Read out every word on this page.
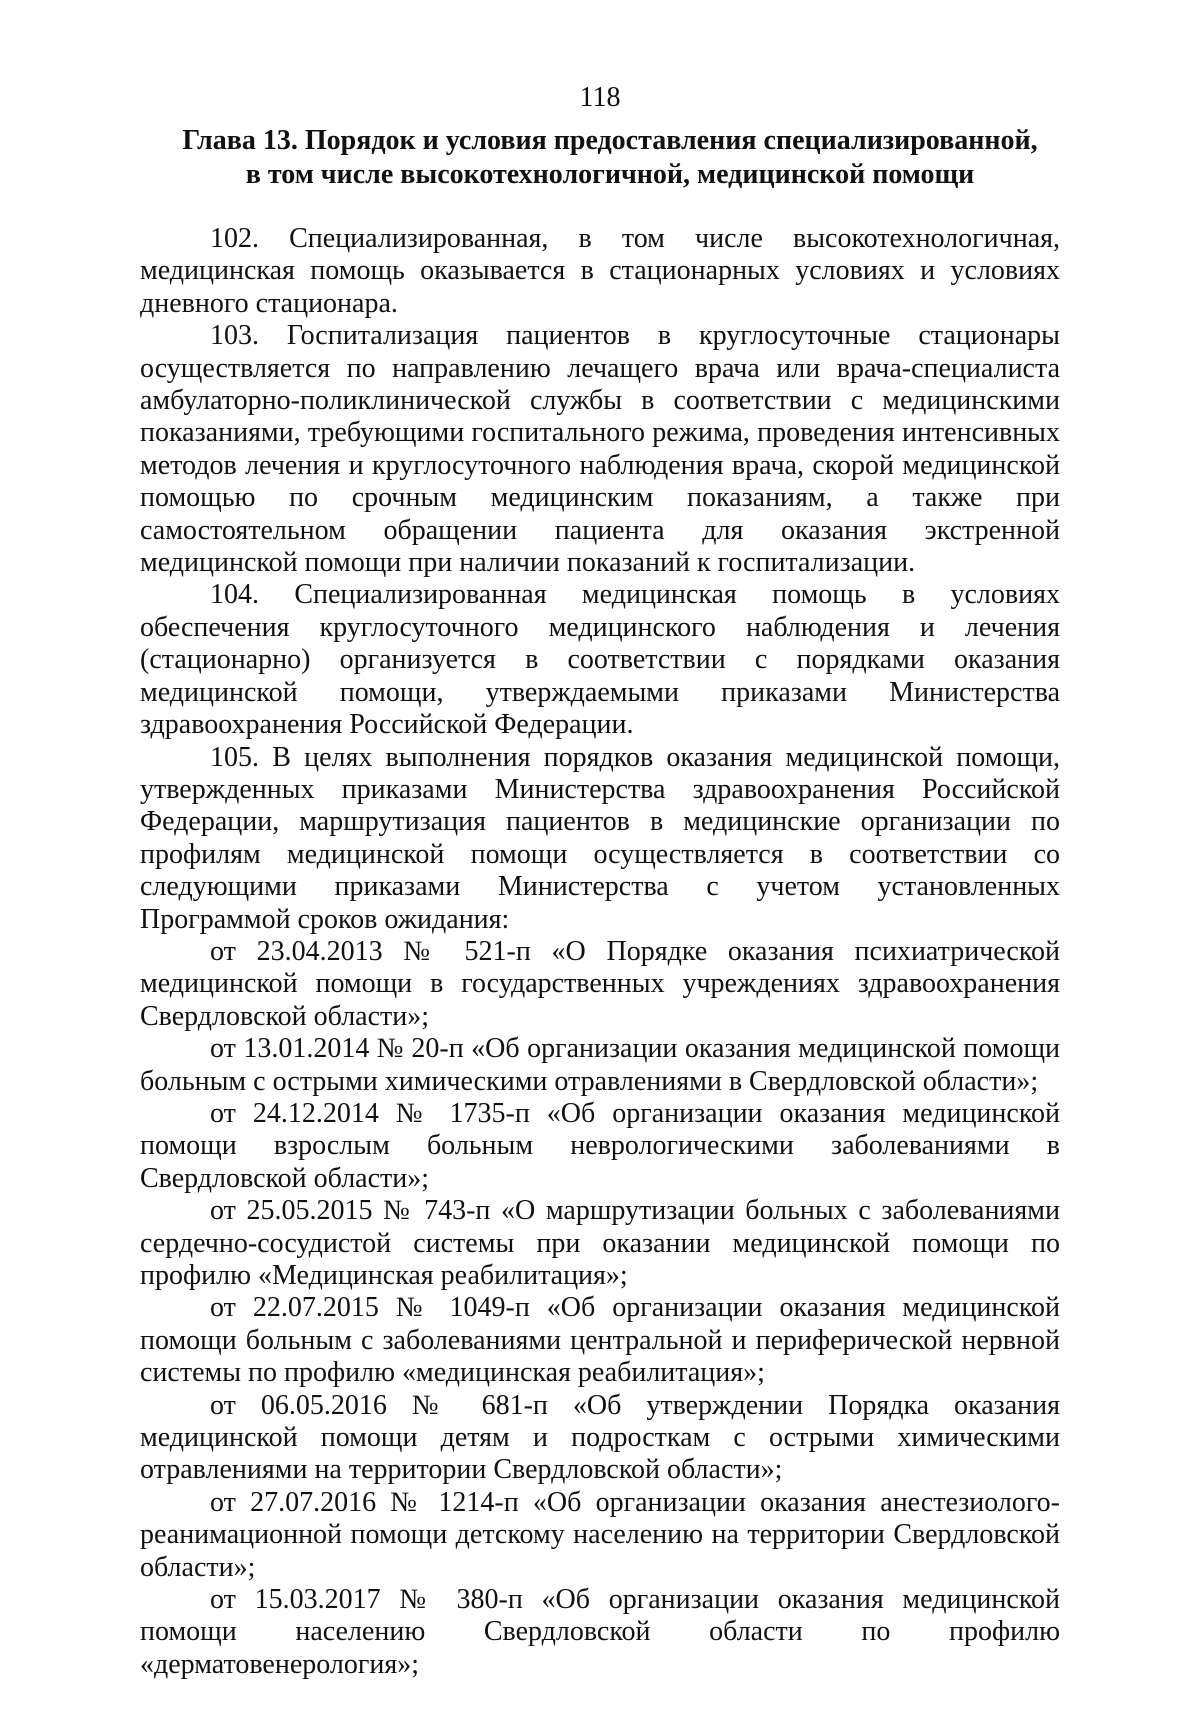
118
Глава 13. Порядок и условия предоставления специализированной,
в том числе высокотехнологичной, медицинской помощи

102. Специализированная, в том числе высокотехнологичная, медицинская помощь оказывается в стационарных условиях и условиях дневного стационара.

103. Госпитализация пациентов в круглосуточные стационары осуществляется по направлению лечащего врача или врача-специалиста амбулаторно-поликлинической службы в соответствии с медицинскими показаниями, требующими госпитального режима, проведения интенсивных методов лечения и круглосуточного наблюдения врача, скорой медицинской помощью по срочным медицинским показаниям, а также при самостоятельном обращении пациента для оказания экстренной медицинской помощи при наличии показаний к госпитализации.

104. Специализированная медицинская помощь в условиях обеспечения круглосуточного медицинского наблюдения и лечения (стационарно) организуется в соответствии с порядками оказания медицинской помощи, утверждаемыми приказами Министерства здравоохранения Российской Федерации.

105. В целях выполнения порядков оказания медицинской помощи, утвержденных приказами Министерства здравоохранения Российской Федерации, маршрутизация пациентов в медицинские организации по профилям медицинской помощи осуществляется в соответствии со следующими приказами Министерства с учетом установленных Программой сроков ожидания:

от 23.04.2013 № 521-п «О Порядке оказания психиатрической медицинской помощи в государственных учреждениях здравоохранения Свердловской области»;

от 13.01.2014 № 20-п «Об организации оказания медицинской помощи больным с острыми химическими отравлениями в Свердловской области»;

от 24.12.2014 № 1735-п «Об организации оказания медицинской помощи взрослым больным неврологическими заболеваниями в Свердловской области»;

от 25.05.2015 № 743-п «О маршрутизации больных с заболеваниями сердечно-сосудистой системы при оказании медицинской помощи по профилю «Медицинская реабилитация»;

от 22.07.2015 № 1049-п «Об организации оказания медицинской помощи больным с заболеваниями центральной и периферической нервной системы по профилю «медицинская реабилитация»;

от 06.05.2016 № 681-п «Об утверждении Порядка оказания медицинской помощи детям и подросткам с острыми химическими отравлениями на территории Свердловской области»;

от 27.07.2016 № 1214-п «Об организации оказания анестезиолого-реанимационной помощи детскому населению на территории Свердловской области»;

от 15.03.2017 № 380-п «Об организации оказания медицинской помощи населению Свердловской области по профилю «дерматовенерология»;
